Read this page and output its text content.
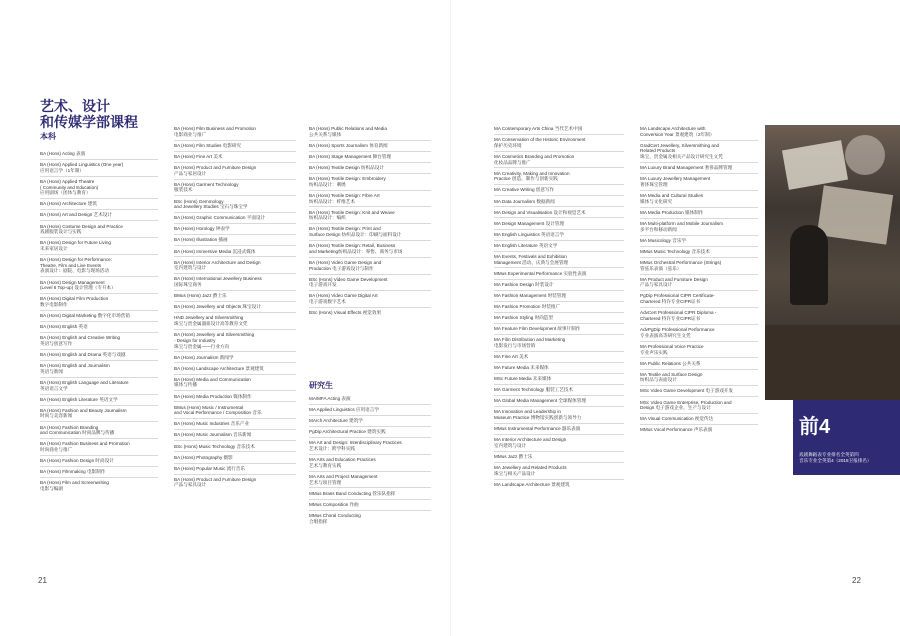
艺术、设计
和传媒学部课程
本科
BA (Hons) Acting 表演
BA (Hons) Applied Linguistics (One year)
应用语言学（1年制）
BA (Hons) Applied Theatre
( Community and Education)
应用剧场（团体与教育）
BA (Hons) Architecture 建筑
BA (Hons) Art and Design 艺术设计
BA (Hons) Costume Design and Practice
戏剧服装设计与实践
BA (Hons) Design for Future Living
未来家居设计
BA (Hons) Design for Performance:
Theatre, Film and Live Events
表演设计：剧院、电影与现场活动
BA (Hons) Design Management
(Level 6 Top-up) 设计管理（专升本）
BA (Hons) Digital Film Production
数字电影制作
BA (Hons) Digital Marketing 数字化市场营销
BA (Hons) English 英语
BA (Hons) English and Creative Writing
英语与创意写作
BA (Hons) English and Drama 英语与戏剧
BA (Hons) English and Journalism
英语与新闻
BA (Hons) English Language and Literature
英语语言文学
BA (Hons) English Literature 英语文学
BA (Hons) Fashion and Beauty Journalism
时尚与美容新闻
BA (Hons) Fashion Branding
and Communication 时尚品牌与传播
BA (Hons) Fashion Business and Promotion
时尚商业与推广
BA (Hons) Fashion Design 时尚设计
BA (Hons) Filmmaking 电影制作
BA (Hons) Film and Screenwriting
电影与编剧
BA (Hons) Film Business and Promotion
电影商业与推广
BA (Hons) Film Studies 电影研究
BA (Hons) Fine Art 美术
BA (Hons) Product and Furniture Design
产品与家居设计
BA (Hons) Garment Technology
服装技术
BSc (Hons) Gemmology
and Jewellery Studies 宝石与珠宝学
BA (Hons) Graphic Communication 平面设计
BA (Hons) Horology 钟表学
BA (Hons) Illustration 插画
BA (Hons) Immersive Media 沉浸式媒体
BA (Hons) Interior Architecture and Design
室内建筑与设计
BA (Hons) International Jewellery Business
国际珠宝商务
BMus (Hons) Jazz 爵士乐
BA (Hons) Jewellery and Objects 珠宝设计
HND Jewellery and Silversmithing
珠宝与贵金属器皿设计高等教育文凭
BA (Hons) Jewellery and Silversmithing
- Design for Industry
珠宝与贵金属——行业方向
BA (Hons) Journalism 新闻学
BA (Hons) Landscape Architecture 景观建筑
BA (Hons) Media and Communication
媒体与传播
BA (Hons) Media Production 媒体制作
BMus (Hons) Music / Instrumental
and Vocal Performance / Composition 音乐
BA (Hons) Music Industries 音乐产业
BA (Hons) Music Journalism 音乐新闻
BSc (Hons) Music Technology 音乐技术
BA (Hons) Photography 摄影
BA (Hons) Popular Music 流行音乐
BA (Hons) Product and Furniture Design
产品与家具设计
BA (Hons) Public Relations and Media
公共关系与媒体
BA (Hons) Sports Journalism 体育新闻
BA (Hons) Stage Management 舞台管理
BA (Hons) Textile Design 纺织品设计
BA (Hons) Textile Design: Embroidery
纺织品设计：刺绣
BA (Hons) Textile Design: Fibre Art
纺织品设计：纤维艺术
BA (Hons) Textile Design: Knit and Weave
纺织品设计：编织
BA (Hons) Textile Design: Print and
Surface Design 纺织品设计：印刷与面料设计
BA (Hons) Textile Design: Retail, Business
and Marketing纺织品设计：零售、商务与市场
BA (Hons) Video Game Design and
Production 电子游戏设计与制作
BSc (Hons) Video Game Development
电子游戏开发
BA (Hons) Video Game Digital Art
电子游戏数字艺术
BSc (Hons) Visual Effects 视觉效果
研究生
MA/MFA Acting 表演
MA Applied Linguistics 应用语言学
MArch Architecture 建筑学
PgDip Architectural Practice 建筑实践
MA Art and Design: Interdisciplinary Practices
艺术设计：跨学科实践
MA Arts and Education Practices
艺术与教育实践
MA Arts and Project Management
艺术与项目管理
MMus Brass Band Conducting 管乐队指挥
MMus Composition 作曲
MMus Choral Conducting
合唱指挥
MA Contemporary Arts China 当代艺术中国
MA Conservation of the Historic Environment
保护历史环境
MA Cosmetics Branding and Promotion
化妆品品牌与推广
MA Creativity, Making and Innovation
Practice 创造、制作与创新实践
MA Creative Writing 创意写作
MA Data Journalism 数据新闻
MA Design and Visualisation 设计和视觉艺术
MA Design Management 设计管理
MA English Linguistics 英语语言学
MA English Literature 英语文学
MA Events, Festivals and Exhibition
Management 活动、庆典与会展管理
MMus Experimental Performance 实验性表演
MA Fashion Design 时装设计
MA Fashion Management 时装管理
MA Fashion Promotion 时装推广
MA Fashion Styling 时尚造型
MA Feature Film Development 故事片制作
MA Film Distribution and Marketing
电影发行与市场营销
MA Fine Art 美术
MA Future Media 未来媒体
MSc Future Media 未来媒体
MA Garment Technology 服装工艺技术
MA Global Media Management 全球媒体管理
MA Innovation and Leadership in
Museum Practice 博物馆实践创新与领导力
MMus Instrumental Performance 器乐表演
MA Interior Architecture and Design
室内建筑与设计
MMus Jazz 爵士乐
MA Jewellery and Related Products
珠宝与相关产品设计
MA Landscape Architecture 景观建筑
MA Landscape Architecture with
Conversion Year 景观建筑（2年制）
GradCert Jewellery, Silversmithing and
Related Products
珠宝、贵金属及相关产品设计研究生文凭
MA Luxury Brand Management 奢侈品牌管理
MA Luxury Jewellery Management
奢侈珠宝管理
MA Media and Cultural Studies
媒体与文化研究
MA Media Production 媒体制作
MA Multi-platform and Mobile Journalism
多平台和移动新闻
MA Musicology 音乐学
MMus Music Technology 音乐技术
MMus Orchestral Performance (Strings)
管弦乐表演（弦乐）
MA Product and Furniture Design
产品与家具设计
PgDip Professional CIPR Certificate-
Chartered 特许专业CIPR证书
AdvCert Professional CIPR Diploma -
Chartered 特许专业CIPR证书
AdvPgDip Professional Performance
专业表演高等研究生文凭
MA Professional Voice Practice
专业声乐实践
MA Public Relations 公共关系
MA Textile and Surface Design
纺织品与表面设计
MSc Video Game Development 电子游戏开发
MSc Video Game Enterprise, Production and
Design 电子游戏企业、生产与设计
MA Visual Communication 视觉传达
MMus Vocal Performance 声乐表演	前4
戏剧舞蹈表专业排名全英第四
音乐专业全英第4（2018卫报排名）
21	22
